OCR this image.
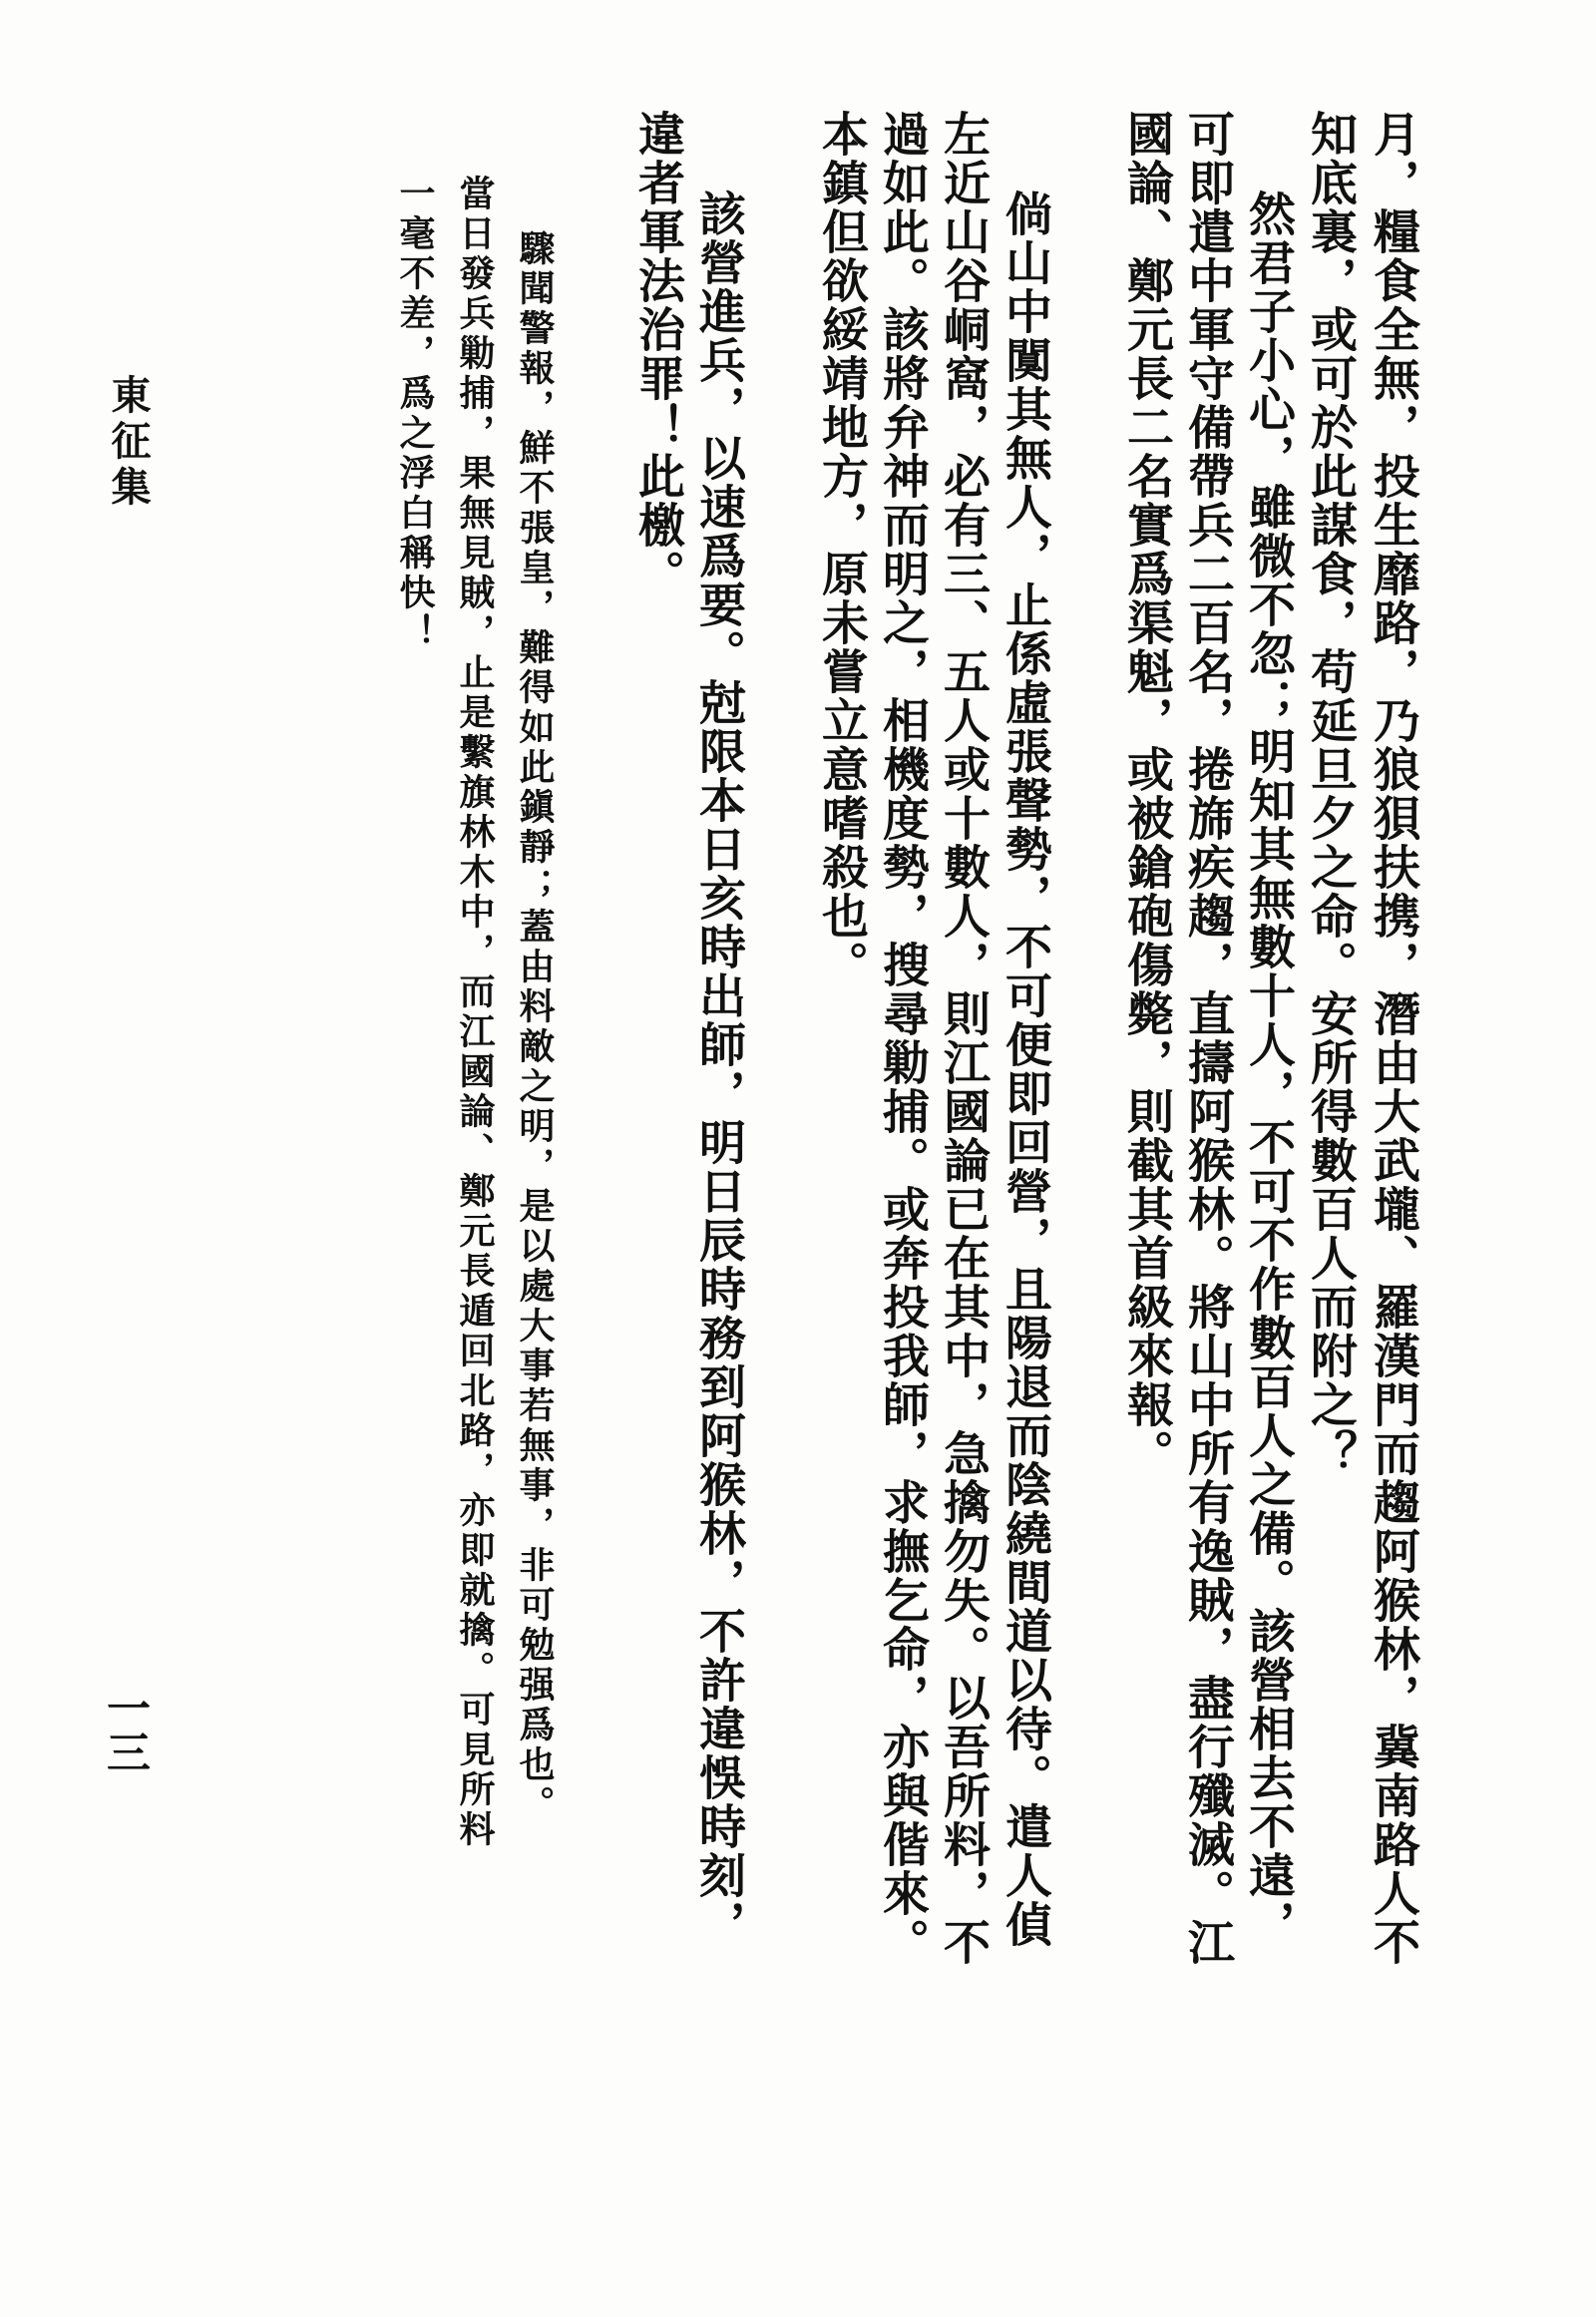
月，糧食全無，投生靡路，乃狼狽扶携，潛由大武壠、羅漢門而趨阿猴林，冀南路人不
知底裏，或可於此謀食，苟延旦夕之命。安所得數百人而附之？
然君子小心，雖微不忽；明知其無數十人，不可不作數百人之備。該營相去不遠，
可即遣中軍守備帶兵二百名，捲旆疾趨，直擣阿猴林。將山中所有逸賊，盡行殲滅。江
國論、鄭元長二名實爲渠魁，或被鎗砲傷斃，則截其首級來報。
倘山中闃其無人，止係虛張聲勢，不可便即回營，且陽退而陰繞間道以待。遣人偵
左近山谷峒窩，必有三、五人或十數人，則江國論已在其中，急擒勿失。以吾所料，不
過如此。該將弁神而明之，相機度勢，搜尋勦捕。或奔投我師，求撫乞命，亦與偕來。
本鎮但欲綏靖地方，原未嘗立意嗜殺也。
該營進兵，以速爲要。尅限本日亥時出師，明日辰時務到阿猴林，不許違悞時刻，
違者軍法治罪！此檄。
驟聞警報，鮮不張皇，難得如此鎭靜；蓋由料敵之明，是以處大事若無事，非可勉强爲也。
當日發兵勦捕，果無見賊，止是繫旗林木中，而江國論、鄭元長遁回北路，亦即就擒。可見所料
一毫不差，爲之浮白稱快！
東征集
一三
